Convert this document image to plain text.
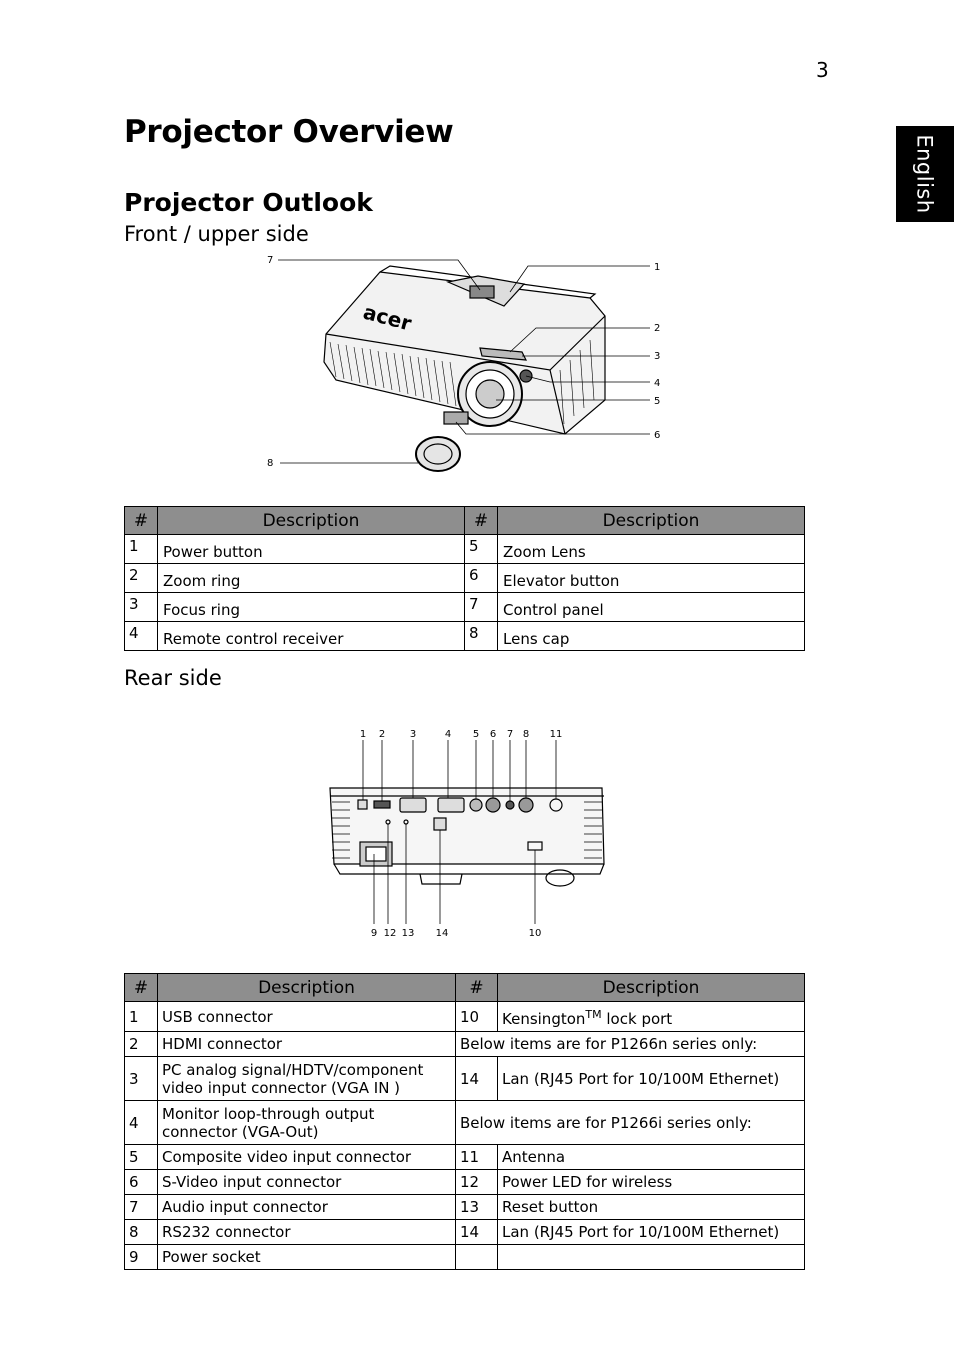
3
English
Projector Overview
Projector Outlook
Front / upper side
acer
7
1
2
3
4
5
6
8
#	Description	#	Description
1	Power button	5	Zoom Lens
2	Zoom ring	6	Elevator button
3	Focus ring	7	Control panel
4	Remote control receiver	8	Lens cap
Rear side
1 2 3	4 5 6 7 8 11
9 12 13 14	10
#	Description	#	Description
1	USB connector	10	Kensington™ lock port
2	HDMI connector	Below items are for P1266n series only:	
3	PC analog signal/HDTV/component video input connector (VGA IN )	14	Lan (RJ45 Port for 10/100M Ethernet)
4	Monitor loop-through output connector (VGA-Out)	Below items are for P1266i series only:	
5	Composite video input connector	11	Antenna
6	S-Video input connector	12	Power LED for wireless
7	Audio input connector	13	Reset button
8	RS232 connector	14	Lan (RJ45 Port for 10/100M Ethernet)
9	Power socket		
